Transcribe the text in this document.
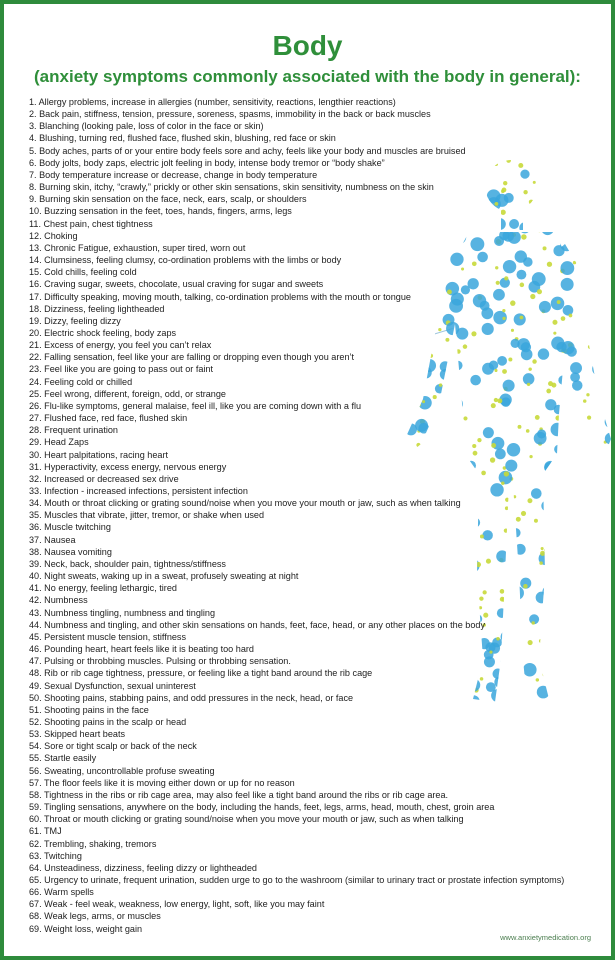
Body
(anxiety symptoms commonly associated with the body in general):
1. Allergy problems, increase in allergies (number, sensitivity, reactions, lengthier reactions)
2. Back pain, stiffness, tension, pressure, soreness, spasms, immobility in the back or back muscles
3. Blanching (looking pale, loss of color in the face or skin)
4. Blushing, turning red, flushed face, flushed skin, blushing, red face or skin
5. Body aches, parts of or your entire body feels sore and achy, feels like your body and muscles are bruised
6. Body jolts, body zaps, electric jolt feeling in body, intense body tremor or “body shake”
7. Body temperature increase or decrease, change in body temperature
8. Burning skin, itchy, “crawly,” prickly or other skin sensations, skin sensitivity, numbness on the skin
9. Burning skin sensation on the face, neck, ears, scalp, or shoulders
10. Buzzing sensation in the feet, toes, hands, fingers, arms, legs
11. Chest pain, chest tightness
12. Choking
13. Chronic Fatigue, exhaustion, super tired, worn out
14. Clumsiness, feeling clumsy, co-ordination problems with the limbs or body
15. Cold chills, feeling cold
16. Craving sugar, sweets, chocolate, usual craving for sugar and sweets
17. Difficulty speaking, moving mouth, talking, co-ordination problems with the mouth or tongue
18. Dizziness, feeling lightheaded
19. Dizzy, feeling dizzy
20. Electric shock feeling, body zaps
21. Excess of energy, you feel you can’t relax
22. Falling sensation, feel like your are falling or dropping even though you aren’t
23. Feel like you are going to pass out or faint
24. Feeling cold or chilled
25. Feel wrong, different, foreign, odd, or strange
26. Flu-like symptoms, general malaise, feel ill, like you are coming down with a flu
27. Flushed face, red face, flushed skin
28. Frequent urination
29. Head Zaps
30. Heart palpitations, racing heart
31. Hyperactivity, excess energy, nervous energy
32. Increased or decreased sex drive
33. Infection - increased infections, persistent infection
34. Mouth or throat clicking or grating sound/noise when you move your mouth or jaw, such as when talking
35. Muscles that vibrate, jitter, tremor, or shake when used
36. Muscle twitching
37. Nausea
38. Nausea vomiting
39. Neck, back, shoulder pain, tightness/stiffness
40. Night sweats, waking up in a sweat, profusely sweating at night
41. No energy, feeling lethargic, tired
42. Numbness
43. Numbness tingling, numbness and tingling
44. Numbness and tingling, and other skin sensations on hands, feet, face, head, or any other places on the body
45. Persistent muscle tension, stiffness
46. Pounding heart, heart feels like it is beating too hard
47. Pulsing or throbbing muscles. Pulsing or throbbing sensation.
48. Rib or rib cage tightness, pressure, or feeling like a tight band around the rib cage
49. Sexual Dysfunction, sexual uninterest
50. Shooting pains, stabbing pains, and odd pressures in the neck, head, or face
51. Shooting pains in the face
52. Shooting pains in the scalp or head
53. Skipped heart beats
54. Sore or tight scalp or back of the neck
55. Startle easily
56. Sweating, uncontrollable profuse sweating
57. The floor feels like it is moving either down or up for no reason
58. Tightness in the ribs or rib cage area, may also feel like a tight band around the ribs or rib cage area.
59. Tingling sensations, anywhere on the body, including the hands, feet, legs, arms, head, mouth, chest, groin area
60. Throat or mouth clicking or grating sound/noise when you move your mouth or jaw, such as when talking
61. TMJ
62. Trembling, shaking, tremors
63. Twitching
64. Unsteadiness, dizziness, feeling dizzy or lightheaded
65. Urgency to urinate, frequent urination, sudden urge to go to the washroom (similar to urinary tract or prostate infection symptoms)
66. Warm spells
67. Weak - feel weak, weakness, low energy, light, soft, like you may faint
68. Weak legs, arms, or muscles
69. Weight loss, weight gain
www.anxietymedication.org
